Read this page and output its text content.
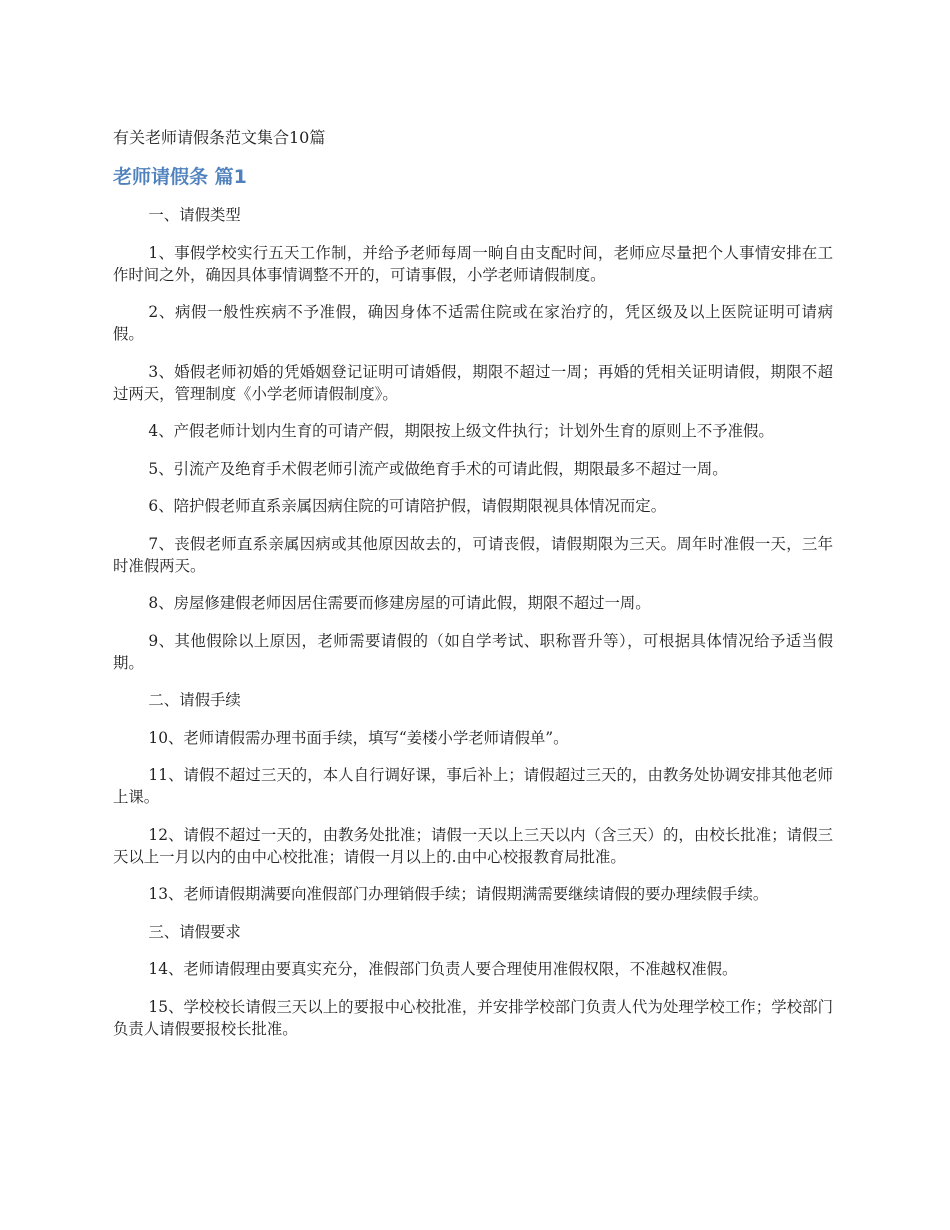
有关老师请假条范文集合10篇
老师请假条 篇1

一、请假类型

1、事假学校实行五天工作制，并给予老师每周一晌自由支配时间，老师应尽量把个人事情安排在工作时间之外，确因具体事情调整不开的，可请事假，小学老师请假制度。

2、病假一般性疾病不予准假，确因身体不适需住院或在家治疗的，凭区级及以上医院证明可请病假。

3、婚假老师初婚的凭婚姻登记证明可请婚假，期限不超过一周；再婚的凭相关证明请假，期限不超过两天，管理制度《小学老师请假制度》。

4、产假老师计划内生育的可请产假，期限按上级文件执行；计划外生育的原则上不予准假。

5、引流产及绝育手术假老师引流产或做绝育手术的可请此假，期限最多不超过一周。

6、陪护假老师直系亲属因病住院的可请陪护假，请假期限视具体情况而定。

7、丧假老师直系亲属因病或其他原因故去的，可请丧假，请假期限为三天。周年时准假一天，三年时准假两天。

8、房屋修建假老师因居住需要而修建房屋的可请此假，期限不超过一周。

9、其他假除以上原因，老师需要请假的（如自学考试、职称晋升等），可根据具体情况给予适当假期。

二、请假手续

10、老师请假需办理书面手续，填写“姜楼小学老师请假单”。

11、请假不超过三天的，本人自行调好课，事后补上；请假超过三天的，由教务处协调安排其他老师上课。

12、请假不超过一天的，由教务处批准；请假一天以上三天以内（含三天）的，由校长批准；请假三天以上一月以内的由中心校批准；请假一月以上的.由中心校报教育局批准。

13、老师请假期满要向准假部门办理销假手续；请假期满需要继续请假的要办理续假手续。

三、请假要求

14、老师请假理由要真实充分，准假部门负责人要合理使用准假权限，不准越权准假。

15、学校校长请假三天以上的要报中心校批准，并安排学校部门负责人代为处理学校工作；学校部门负责人请假要报校长批准。
